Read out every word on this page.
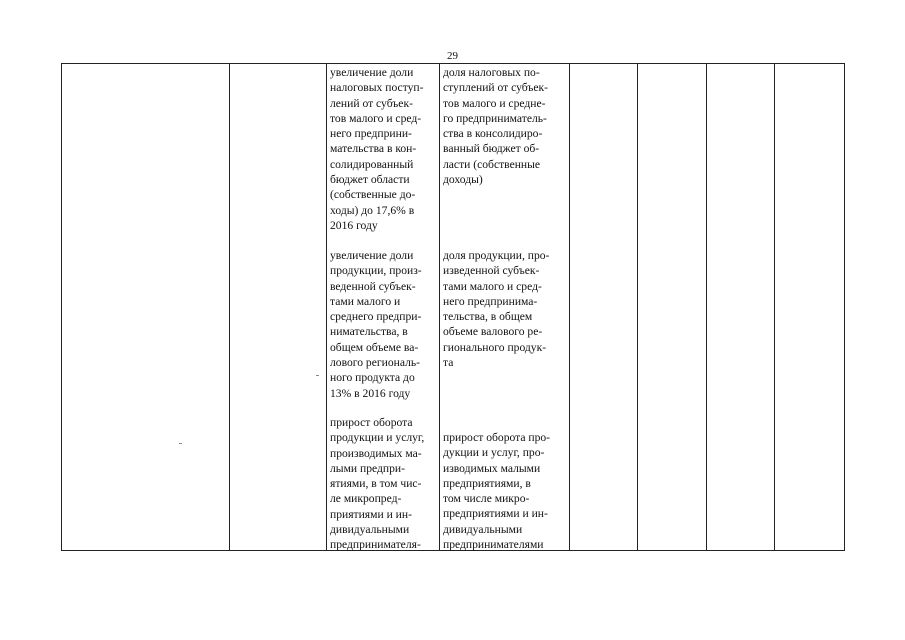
29
увеличение доли
налоговых поступ-
лений от субъек-
тов малого и сред-
него предприни-
мательства в кон-
солидированный
бюджет области
(собственные до-
ходы) до 17,6% в
2016 году
увеличение доли
продукции, произ-
веденной субъек-
тами малого и
среднего предпри-
нимательства, в
общем объеме ва-
лового региональ-
ного продукта до
13% в 2016 году
прирост оборота
продукции и услуг,
производимых ма-
лыми предпри-
ятиями, в том чис-
ле микропред-
приятиями и ин-
дивидуальными
предпринимателя-
доля налоговых по-
ступлений от субъек-
тов малого и средне-
го предприниматель-
ства в консолидиро-
ванный бюджет об-
ласти (собственные
доходы)
доля продукции, про-
изведенной субъек-
тами малого и сред-
него предпринима-
тельства, в общем
объеме валового ре-
гионального продук-
та
прирост оборота про-
дукции и услуг, про-
изводимых малыми
предприятиями, в
том числе микро-
предприятиями и ин-
дивидуальными
предпринимателями
